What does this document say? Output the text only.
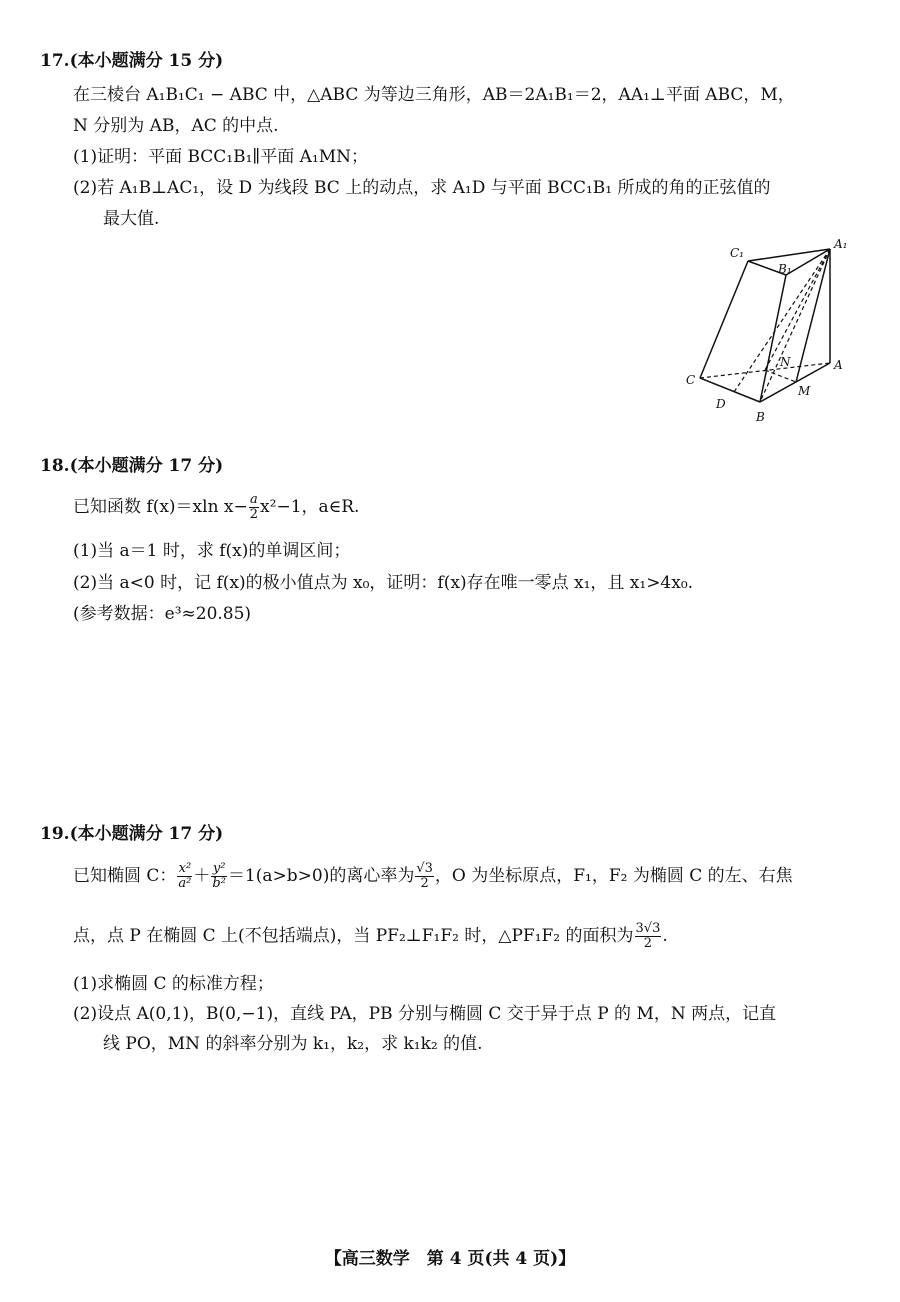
17.(本小题满分 15 分)
在三棱台 A₁B₁C₁ − ABC 中，△ABC 为等边三角形，AB＝2A₁B₁＝2，AA₁⊥平面 ABC，M，
N 分别为 AB，AC 的中点.
(1)证明：平面 BCC₁B₁∥平面 A₁MN；
(2)若 A₁B⊥AC₁，设 D 为线段 BC 上的动点，求 A₁D 与平面 BCC₁B₁ 所成的角的正弦值的
最大值.
C₁
B₁
A₁
C
A
B
N
M
D
18.(本小题满分 17 分)
已知函数 f(x)＝xln $x- \frac{a}{2} x^2-1$，a∈R.
(1)当 a＝1 时，求 f(x)的单调区间；
(2)当 a<0 时，记 f(x)的极小值点为 x₀，证明：f(x)存在唯一零点 x₁，且 x₁>4x₀.
(参考数据：e³≈20.85)
19.(本小题满分 17 分)
已知椭圆 C： $\frac{\text{x²}}{\text{a²}} + \frac{\text{y²}}{\text{b²}} =1(a>b>0)$的离心率为 $\frac{√3}{2}$ ，O 为坐标原点，F₁，F₂ 为椭圆 C 的左、右焦
点，点 P 在椭圆 C 上(不包括端点)，当 PF₂⊥F₁F₂ 时，△PF₁F₂ 的面积为 $\frac{3√3}{2}$ .
(1)求椭圆 C 的标准方程；
(2)设点 A(0,1)，B(0,−1)，直线 PA，PB 分别与椭圆 C 交于异于点 P 的 M，N 两点，记直
线 PO，MN 的斜率分别为 k₁，k₂，求 k₁k₂ 的值.
【高三数学　第 4 页(共 4 页)】
